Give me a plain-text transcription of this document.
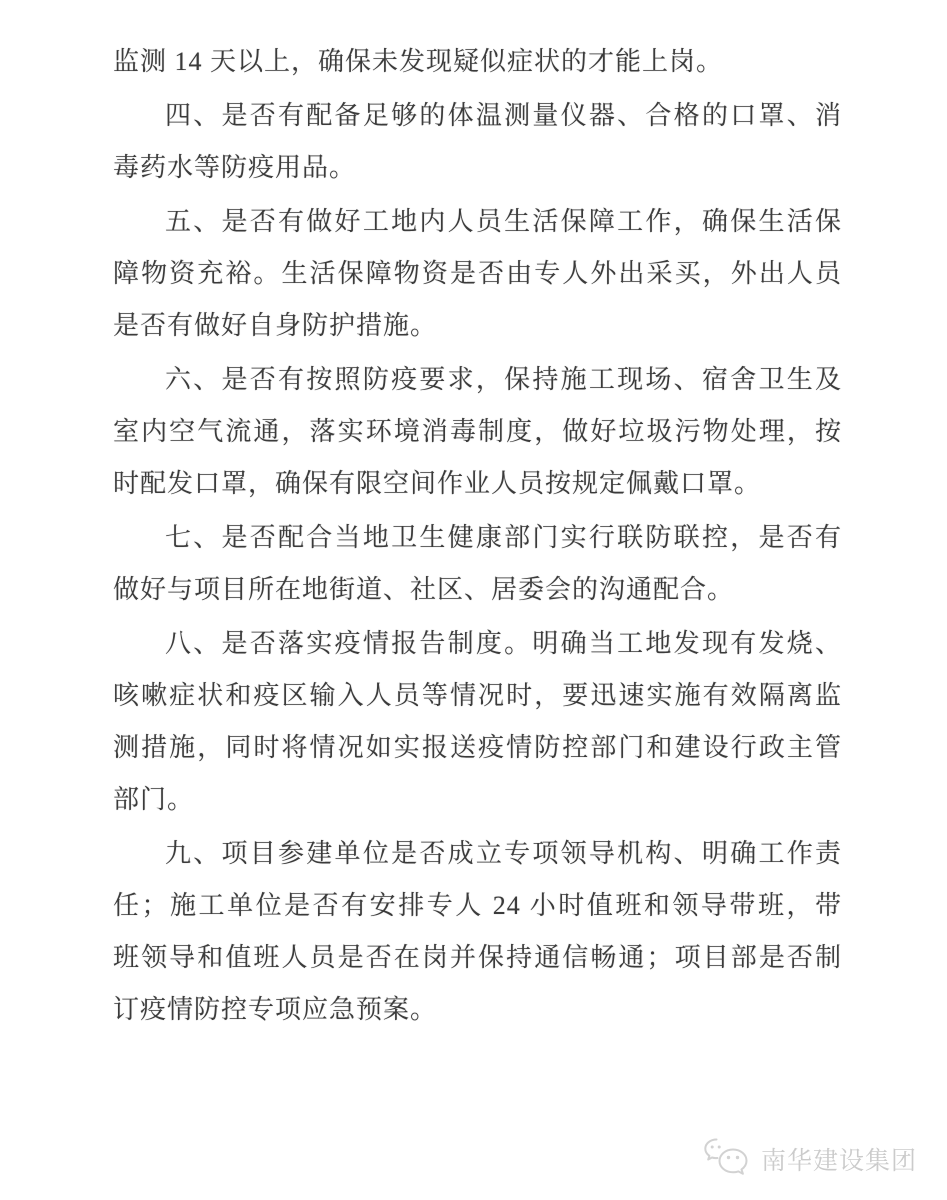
监测 14 天以上，确保未发现疑似症状的才能上岗。
四、是否有配备足够的体温测量仪器、合格的口罩、消
毒药水等防疫用品。
五、是否有做好工地内人员生活保障工作，确保生活保
障物资充裕。生活保障物资是否由专人外出采买，外出人员
是否有做好自身防护措施。
六、是否有按照防疫要求，保持施工现场、宿舍卫生及
室内空气流通，落实环境消毒制度，做好垃圾污物处理，按
时配发口罩，确保有限空间作业人员按规定佩戴口罩。
七、是否配合当地卫生健康部门实行联防联控，是否有
做好与项目所在地街道、社区、居委会的沟通配合。
八、是否落实疫情报告制度。明确当工地发现有发烧、
咳嗽症状和疫区输入人员等情况时，要迅速实施有效隔离监
测措施，同时将情况如实报送疫情防控部门和建设行政主管
部门。
九、项目参建单位是否成立专项领导机构、明确工作责
任；施工单位是否有安排专人 24 小时值班和领导带班，带
班领导和值班人员是否在岗并保持通信畅通；项目部是否制
订疫情防控专项应急预案。
南华建设集团
